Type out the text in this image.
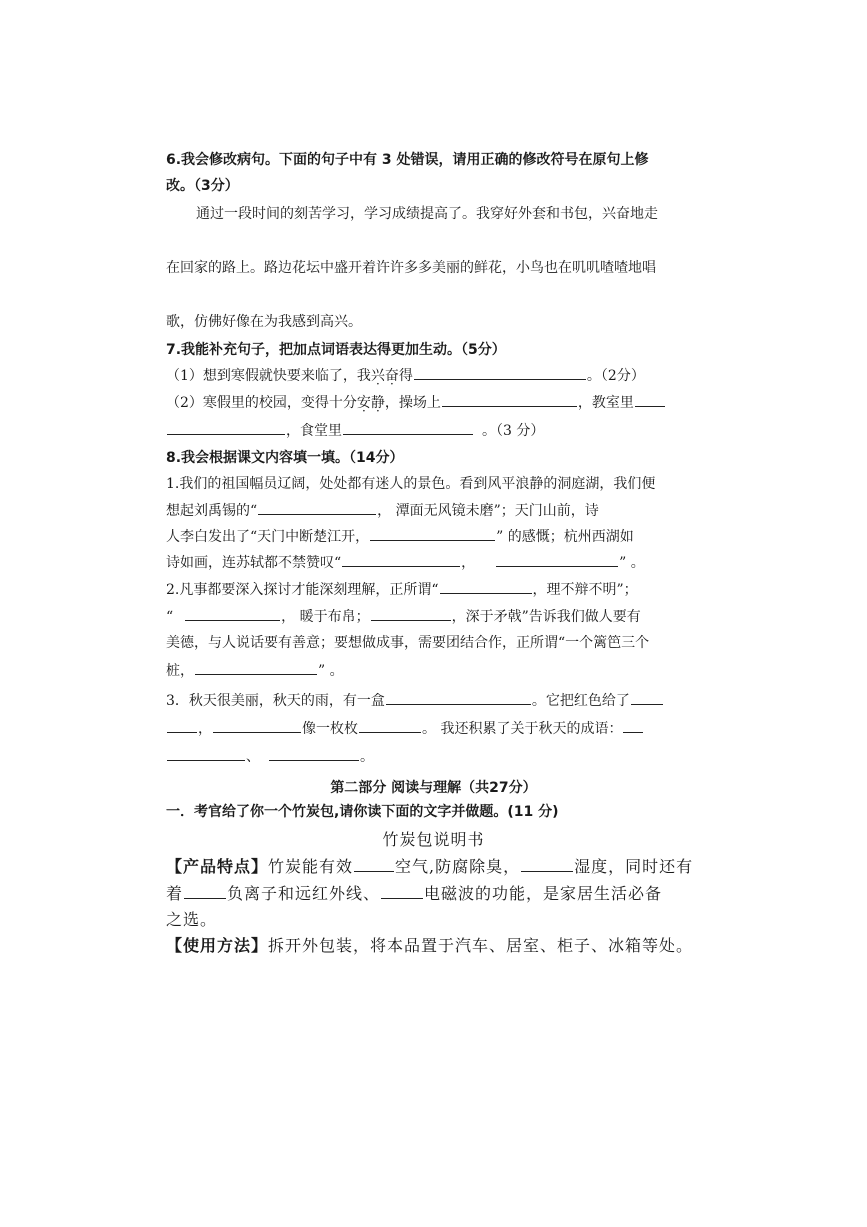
6.我会修改病句。下面的句子中有 3 处错误，请用正确的修改符号在原句上修
改。（3分）
通过一段时间的刻苦学习，学习成绩提高了。我穿好外套和书包，兴奋地走
在回家的路上。路边花坛中盛开着许许多多美丽的鲜花，小鸟也在叽叽喳喳地唱
歌，仿佛好像在为我感到高兴。
7.我能补充句子，把加点词语表达得更加生动。（5分）
（1）想到寒假就快要来临了，我兴奋得	。（2分）
（2）寒假里的校园，变得十分安静，操场上	，教室里
，食堂里	。（3 分）
8.我会根据课文内容填一填。（14分）
1.我们的祖国幅员辽阔，处处都有迷人的景色。看到风平浪静的洞庭湖，我们便
想起刘禹锡的“	， 潭面无风镜未磨”；天门山前，诗
人李白发出了“天门中断楚江开，	” 的感慨；杭州西湖如
诗如画，连苏轼都不禁赞叹“	，	” 。
2.凡事都要深入探讨才能深刻理解，正所谓“	，理不辩不明”；
“	， 暖于布帛；	，深于矛戟”告诉我们做人要有
美德，与人说话要有善意；要想做成事，需要团结合作，正所谓“一个篱笆三个
桩，	” 。
3．秋天很美丽，秋天的雨，有一盒	。它把红色给了
，	像一枚枚	。 我还积累了关于秋天的成语：
、	。
第二部分 阅读与理解（共27分）
一．考官给了你一个竹炭包,请你读下面的文字并做题。(11 分)
竹炭包说明书
【产品特点】竹炭能有效	空气,防腐除臭，	湿度，同时还有
着	负离子和远红外线、	电磁波的功能，是家居生活必备
之选。
【使用方法】拆开外包装，将本品置于汽车、居室、柜子、冰箱等处。
